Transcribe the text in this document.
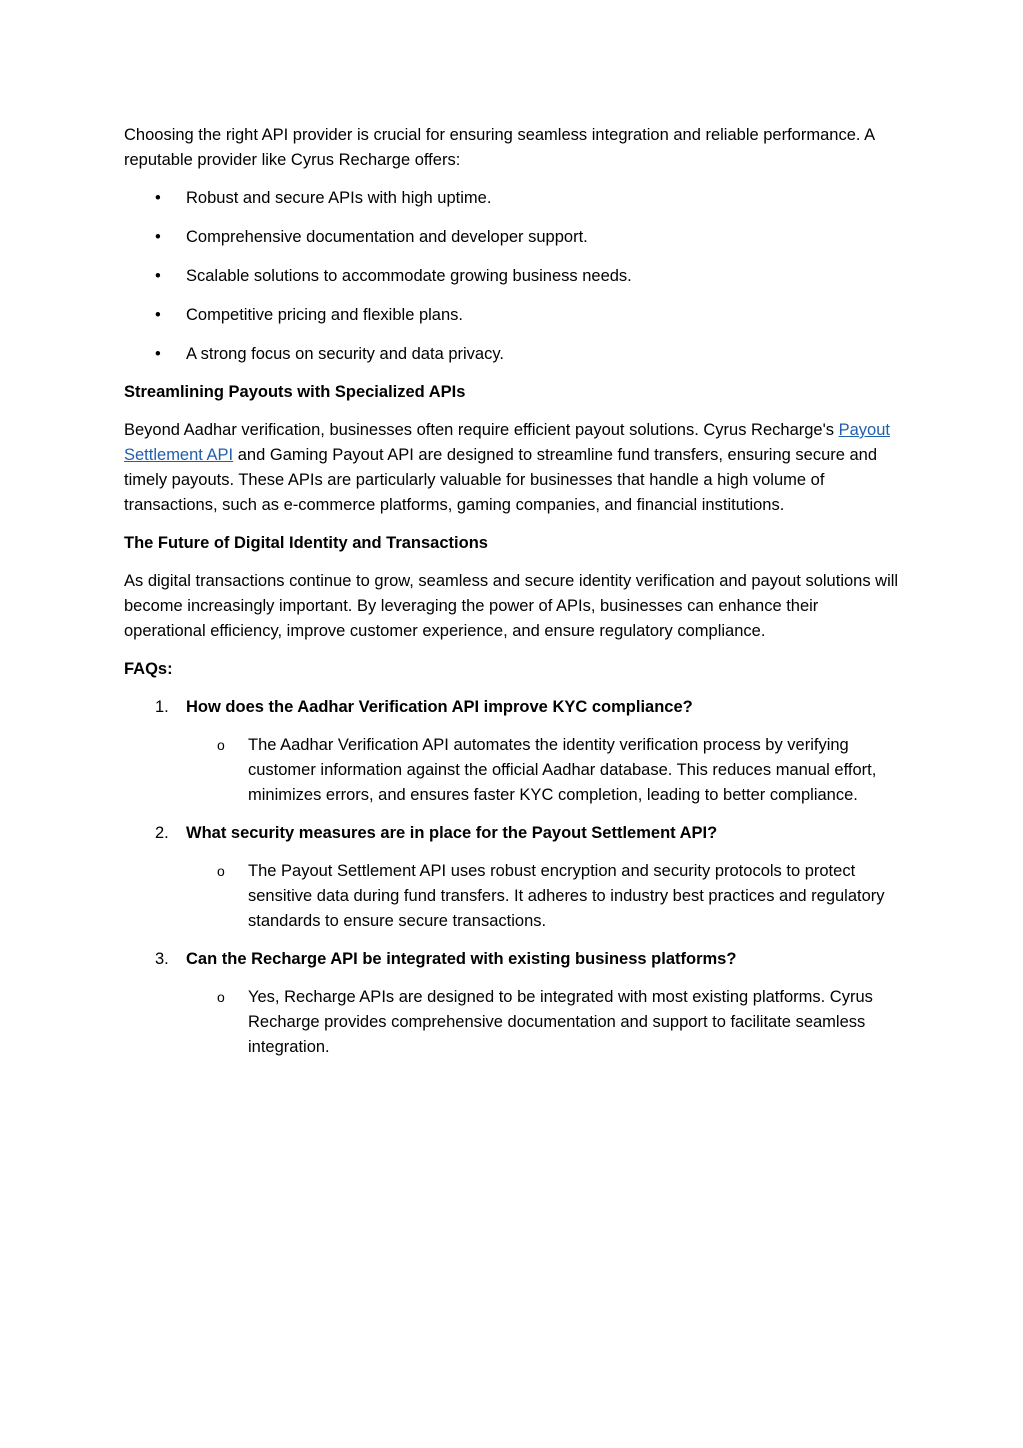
Choosing the right API provider is crucial for ensuring seamless integration and reliable performance. A reputable provider like Cyrus Recharge offers:

•	Robust and secure APIs with high uptime.
•	Comprehensive documentation and developer support.
•	Scalable solutions to accommodate growing business needs.
•	Competitive pricing and flexible plans.
•	A strong focus on security and data privacy.

Streamlining Payouts with Specialized APIs

Beyond Aadhar verification, businesses often require efficient payout solutions. Cyrus Recharge's Payout Settlement API and Gaming Payout API are designed to streamline fund transfers, ensuring secure and timely payouts. These APIs are particularly valuable for businesses that handle a high volume of transactions, such as e-commerce platforms, gaming companies, and financial institutions.

The Future of Digital Identity and Transactions

As digital transactions continue to grow, seamless and secure identity verification and payout solutions will become increasingly important. By leveraging the power of APIs, businesses can enhance their operational efficiency, improve customer experience, and ensure regulatory compliance.

FAQs:

1. How does the Aadhar Verification API improve KYC compliance?

o The Aadhar Verification API automates the identity verification process by verifying customer information against the official Aadhar database. This reduces manual effort, minimizes errors, and ensures faster KYC completion, leading to better compliance.

2. What security measures are in place for the Payout Settlement API?

o The Payout Settlement API uses robust encryption and security protocols to protect sensitive data during fund transfers. It adheres to industry best practices and regulatory standards to ensure secure transactions.

3. Can the Recharge API be integrated with existing business platforms?

o Yes, Recharge APIs are designed to be integrated with most existing platforms. Cyrus Recharge provides comprehensive documentation and support to facilitate seamless integration.
